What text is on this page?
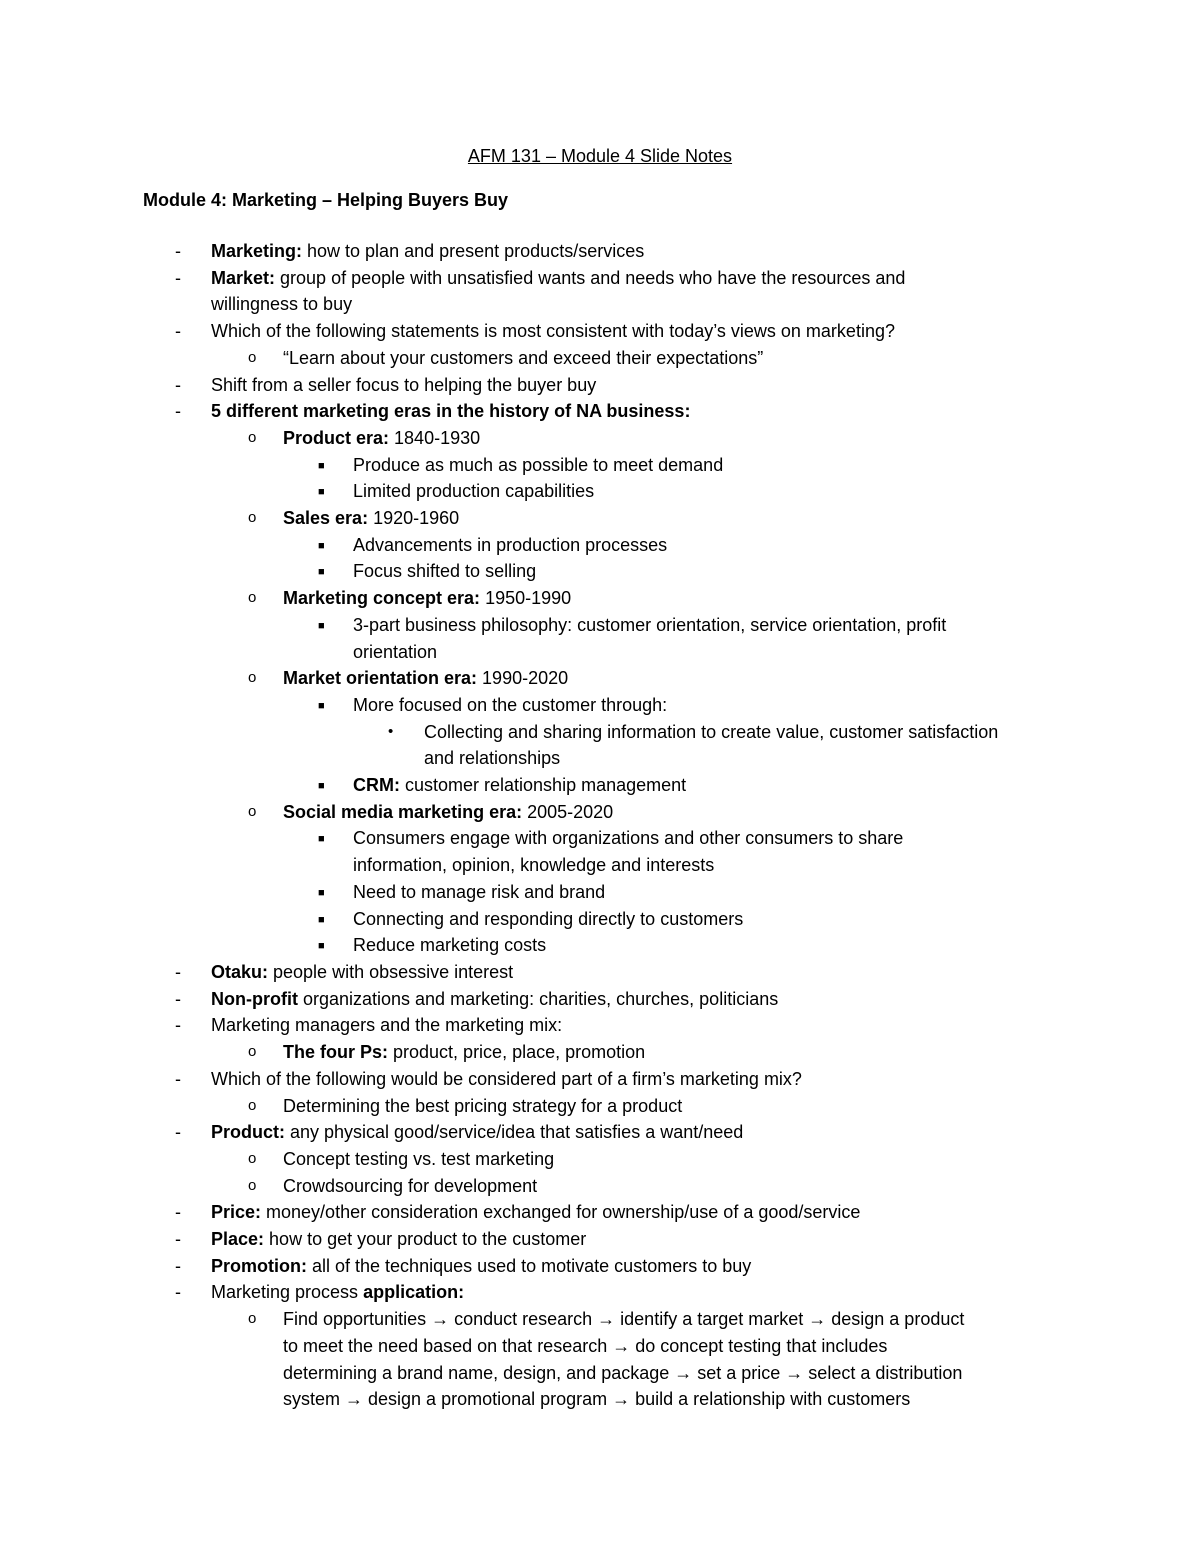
AFM 131 – Module 4 Slide Notes
Module 4: Marketing – Helping Buyers Buy
- Marketing: how to plan and present products/services
- Market: group of people with unsatisfied wants and needs who have the resources and
willingness to buy
- Which of the following statements is most consistent with today’s views on marketing?
o “Learn about your customers and exceed their expectations”
- Shift from a seller focus to helping the buyer buy
- 5 different marketing eras in the history of NA business:
o Product era: 1840-1930
■ Produce as much as possible to meet demand
■ Limited production capabilities
o Sales era: 1920-1960
■ Advancements in production processes
■ Focus shifted to selling
o Marketing concept era: 1950-1990
■ 3-part business philosophy: customer orientation, service orientation, profit
orientation
o Market orientation era: 1990-2020
■ More focused on the customer through:
• Collecting and sharing information to create value, customer satisfaction
and relationships
■ CRM: customer relationship management
o Social media marketing era: 2005-2020
■ Consumers engage with organizations and other consumers to share
information, opinion, knowledge and interests
■ Need to manage risk and brand
■ Connecting and responding directly to customers
■ Reduce marketing costs
- Otaku: people with obsessive interest
- Non-profit organizations and marketing: charities, churches, politicians
- Marketing managers and the marketing mix:
o The four Ps: product, price, place, promotion
- Which of the following would be considered part of a firm’s marketing mix?
o Determining the best pricing strategy for a product
- Product: any physical good/service/idea that satisfies a want/need
o Concept testing vs. test marketing
o Crowdsourcing for development
- Price: money/other consideration exchanged for ownership/use of a good/service
- Place: how to get your product to the customer
- Promotion: all of the techniques used to motivate customers to buy
- Marketing process application:
o Find opportunities → conduct research → identify a target market → design a product
to meet the need based on that research → do concept testing that includes
determining a brand name, design, and package → set a price → select a distribution
system → design a promotional program → build a relationship with customers
